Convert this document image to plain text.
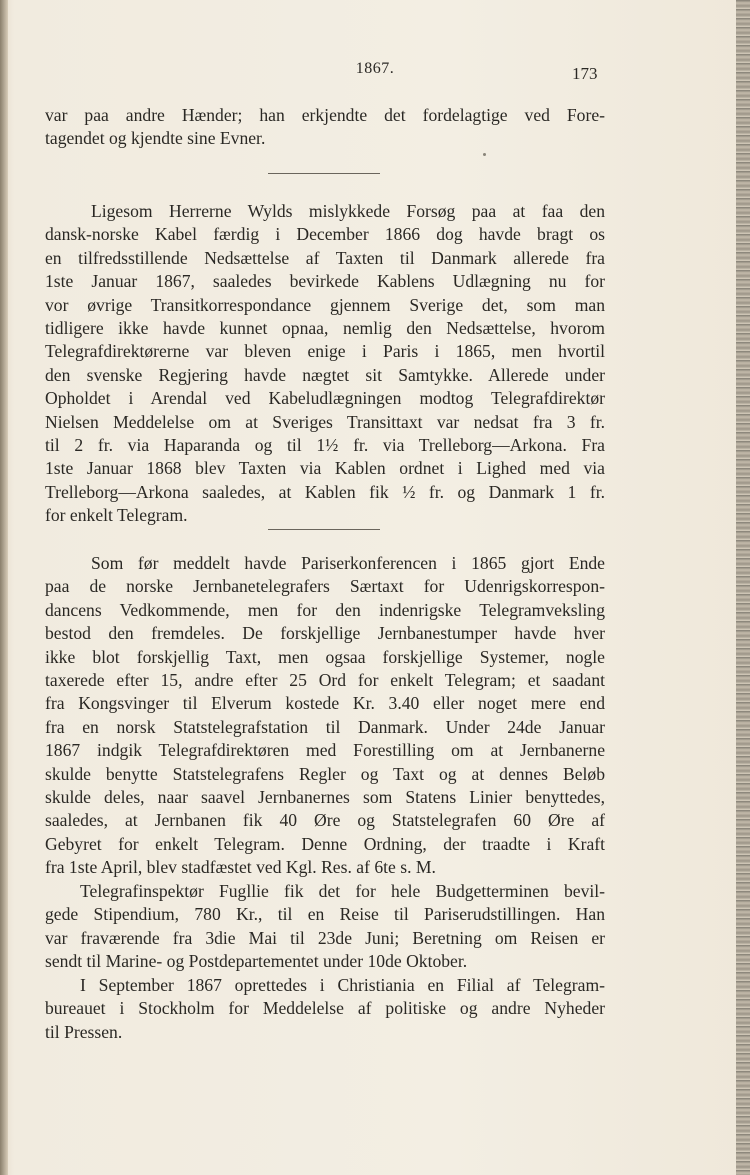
1867.	173
var paa andre Hænder; han erkjendte det fordelagtige ved Fore-
tagendet og kjendte sine Evner.
Ligesom Herrerne Wylds mislykkede Forsøg paa at faa den
dansk-norske Kabel færdig i December 1866 dog havde bragt os
en tilfredsstillende Nedsættelse af Taxten til Danmark allerede fra
1ste Januar 1867, saaledes bevirkede Kablens Udlægning nu for
vor øvrige Transitkorrespondance gjennem Sverige det, som man
tidligere ikke havde kunnet opnaa, nemlig den Nedsættelse, hvorom
Telegrafdirektørerne var bleven enige i Paris i 1865, men hvortil
den svenske Regjering havde nægtet sit Samtykke. Allerede under
Opholdet i Arendal ved Kabeludlægningen modtog Telegrafdirektør
Nielsen Meddelelse om at Sveriges Transittaxt var nedsat fra 3 fr.
til 2 fr. via Haparanda og til 1½ fr. via Trelleborg—Arkona. Fra
1ste Januar 1868 blev Taxten via Kablen ordnet i Lighed med via
Trelleborg—Arkona saaledes, at Kablen fik ½ fr. og Danmark 1 fr.
for enkelt Telegram.
Som før meddelt havde Pariserkonferencen i 1865 gjort Ende
paa de norske Jernbanetelegrafers Særtaxt for Udenrigskorrespon-
dancens Vedkommende, men for den indenrigske Telegramveksling
bestod den fremdeles. De forskjellige Jernbanestumper havde hver
ikke blot forskjellig Taxt, men ogsaa forskjellige Systemer, nogle
taxerede efter 15, andre efter 25 Ord for enkelt Telegram; et saadant
fra Kongsvinger til Elverum kostede Kr. 3.40 eller noget mere end
fra en norsk Statstelegrafstation til Danmark. Under 24de Januar
1867 indgik Telegrafdirektøren med Forestilling om at Jernbanerne
skulde benytte Statstelegrafens Regler og Taxt og at dennes Beløb
skulde deles, naar saavel Jernbanernes som Statens Linier benyttedes,
saaledes, at Jernbanen fik 40 Øre og Statstelegrafen 60 Øre af
Gebyret for enkelt Telegram. Denne Ordning, der traadte i Kraft
fra 1ste April, blev stadfæstet ved Kgl. Res. af 6te s. M.
Telegrafinspektør Fugllie fik det for hele Budgetterminen bevil-
gede Stipendium, 780 Kr., til en Reise til Pariserudstillingen. Han
var fraværende fra 3die Mai til 23de Juni; Beretning om Reisen er
sendt til Marine- og Postdepartementet under 10de Oktober.
I September 1867 oprettedes i Christiania en Filial af Telegram-
bureauet i Stockholm for Meddelelse af politiske og andre Nyheder
til Pressen.
